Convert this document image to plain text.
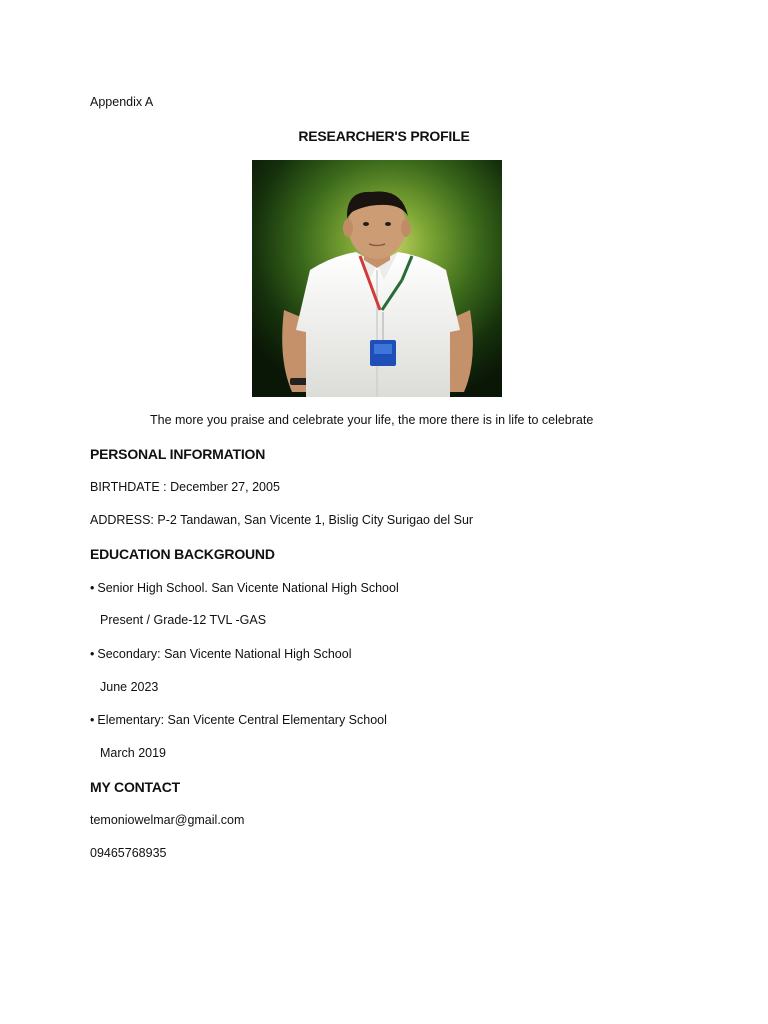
Appendix A
RESEARCHER'S PROFILE
The more you praise and celebrate your life, the more there is in life to celebrate
PERSONAL INFORMATION
BIRTHDATE : December 27, 2005
ADDRESS: P-2 Tandawan, San Vicente 1, Bislig City Surigao del Sur
EDUCATION BACKGROUND
• Senior High School. San Vicente National High School
Present / Grade-12 TVL -GAS
• Secondary: San Vicente National High School
June 2023
• Elementary: San Vicente Central Elementary School
March 2019
MY CONTACT
temoniowelmar@gmail.com
09465768935
